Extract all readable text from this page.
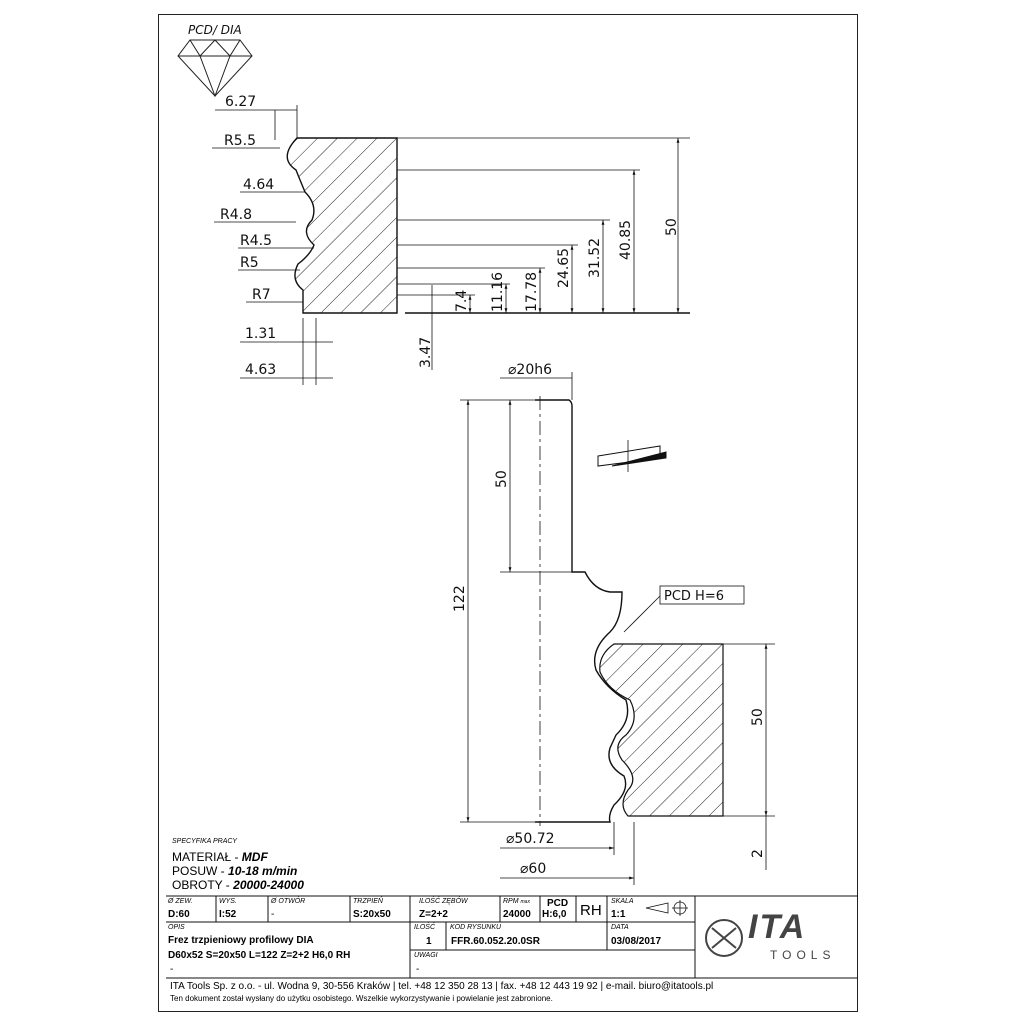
PCD/ DIA
6.27
R5.5
4.64
R4.8
R4.5
R5
R7
1.31
4.63
3.47
7.4 11.16 17.78
24.65 31.52 40.85 50
⌀20h6
50
122	PCD H=6
50
⌀50.72
⌀60
2
SPECYFIKA PRACY
MATERIAŁ - MDF
POSUW - 10-18 m/min
OBROTY - 20000-24000
Ø ZEW.
D:60
WYS.
I:52
Ø OTWÓR
-
TRZPIEŃ
S:20x50
ILOŚĆ ZĘBÓW
Z=2+2
RPM max
24000
PCD
H:6,0 RH
SKALA
1:1
OPIS
Frez trzpieniowy profilowy DIA
D60x52 S=20x50 L=122 Z=2+2 H6,0 RH
-
ILOŚĆ
1
KOD RYSUNKU
FFR.60.052.20.0SR
DATA
03/08/2017
UWAGI
-
ITA
TOOLS
ITA Tools Sp. z o.o. - ul. Wodna 9, 30-556 Kraków | tel. +48 12 350 28 13 | fax. +48 12 443 19 92 | e-mail. biuro@itatools.pl
Ten dokument został wysłany do użytku osobistego. Wszelkie wykorzystywanie i powielanie jest zabronione.
